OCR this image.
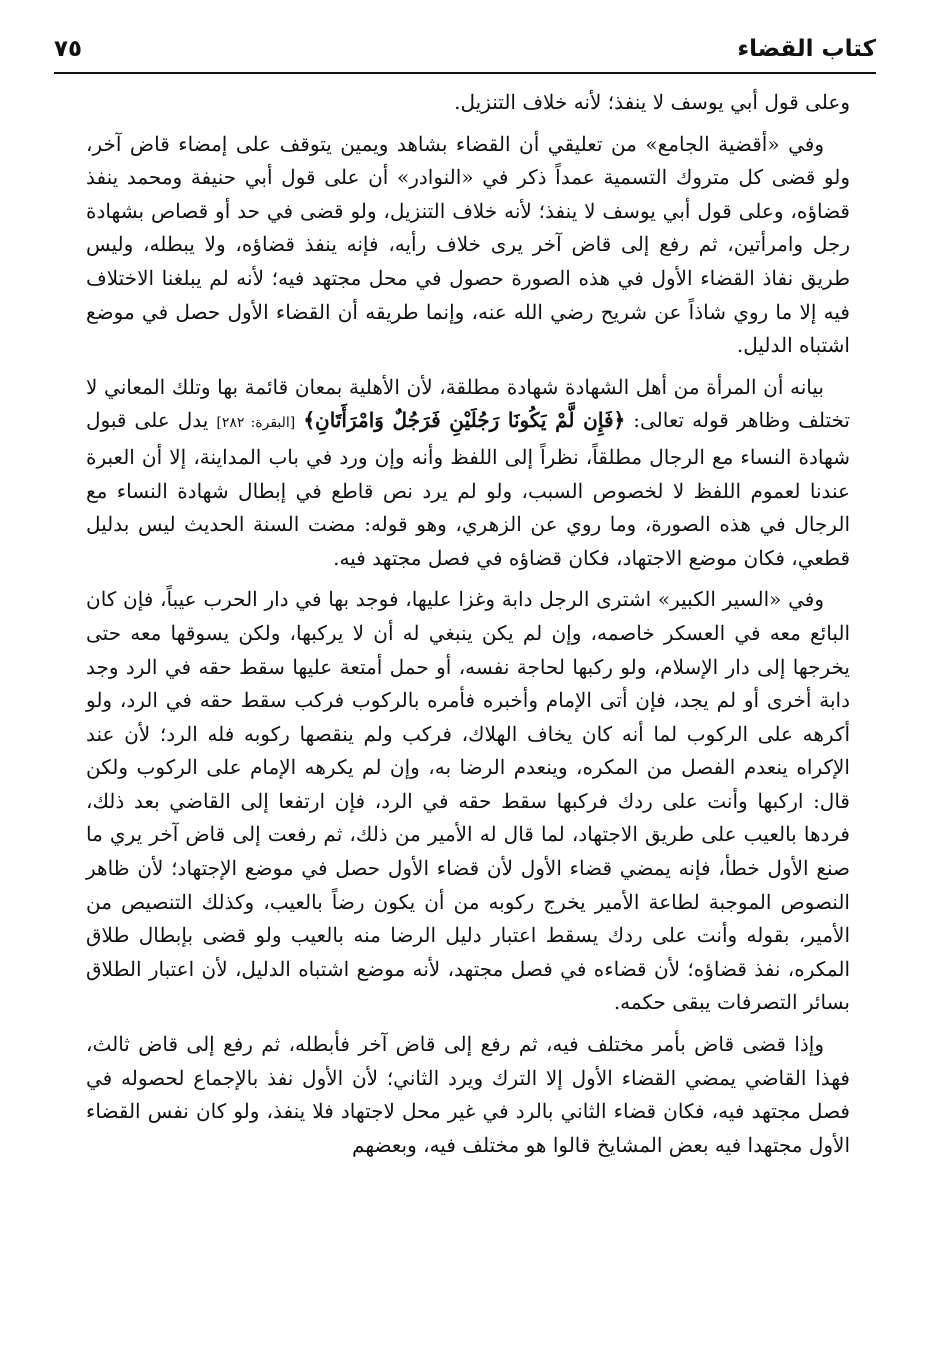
كتاب القضاء
٧٥

وعلى قول أبي يوسف لا ينفذ؛ لأنه خلاف التنزيل.

وفي «أقضية الجامع» من تعليقي أن القضاء بشاهد ويمين يتوقف على إمضاء قاض آخر، ولو قضى كل متروك التسمية عمداً ذكر في «النوادر» أن على قول أبي حنيفة ومحمد ينفذ قضاؤه، وعلى قول أبي يوسف لا ينفذ؛ لأنه خلاف التنزيل، ولو قضى في حد أو قصاص بشهادة رجل وامرأتين، ثم رفع إلى قاض آخر يرى خلاف رأيه، فإنه ينفذ قضاؤه، ولا يبطله، وليس طريق نفاذ القضاء الأول في هذه الصورة حصول في محل مجتهد فيه؛ لأنه لم يبلغنا الاختلاف فيه إلا ما روي شاذاً عن شريح رضي الله عنه، وإنما طريقه أن القضاء الأول حصل في موضع اشتباه الدليل.

بيانه أن المرأة من أهل الشهادة شهادة مطلقة، لأن الأهلية بمعان قائمة بها وتلك المعاني لا تختلف وظاهر قوله تعالى: ﴿فَإِن لَّمْ يَكُونَا رَجُلَيْنِ فَرَجُلٌ وَامْرَأَتَانِ﴾ [البقرة: ٢٨٢] يدل على قبول شهادة النساء مع الرجال مطلقاً، نظراً إلى اللفظ وأنه وإن ورد في باب المداينة، إلا أن العبرة عندنا لعموم اللفظ لا لخصوص السبب، ولو لم يرد نص قاطع في إبطال شهادة النساء مع الرجال في هذه الصورة، وما روي عن الزهري، وهو قوله: مضت السنة الحديث ليس بدليل قطعي، فكان موضع الاجتهاد، فكان قضاؤه في فصل مجتهد فيه.

وفي «السير الكبير» اشترى الرجل دابة وغزا عليها، فوجد بها في دار الحرب عيباً، فإن كان البائع معه في العسكر خاصمه، وإن لم يكن ينبغي له أن لا يركبها، ولكن يسوقها معه حتى يخرجها إلى دار الإسلام، ولو ركبها لحاجة نفسه، أو حمل أمتعة عليها سقط حقه في الرد وجد دابة أخرى أو لم يجد، فإن أتى الإمام وأخبره فأمره بالركوب فركب سقط حقه في الرد، ولو أكرهه على الركوب لما أنه كان يخاف الهلاك، فركب ولم ينقصها ركوبه فله الرد؛ لأن عند الإكراه ينعدم الفصل من المكره، وينعدم الرضا به، وإن لم يكرهه الإمام على الركوب ولكن قال: اركبها وأنت على ردك فركبها سقط حقه في الرد، فإن ارتفعا إلى القاضي بعد ذلك، فردها بالعيب على طريق الاجتهاد، لما قال له الأمير من ذلك، ثم رفعت إلى قاض آخر يري ما صنع الأول خطأ، فإنه يمضي قضاء الأول لأن قضاء الأول حصل في موضع الإجتهاد؛ لأن ظاهر النصوص الموجبة لطاعة الأمير يخرج ركوبه من أن يكون رضاً بالعيب، وكذلك التنصيص من الأمير، بقوله وأنت على ردك يسقط اعتبار دليل الرضا منه بالعيب ولو قضى بإبطال طلاق المكره، نفذ قضاؤه؛ لأن قضاءه في فصل مجتهد، لأنه موضع اشتباه الدليل، لأن اعتبار الطلاق بسائر التصرفات يبقى حكمه.

وإذا قضى قاض بأمر مختلف فيه، ثم رفع إلى قاض آخر فأبطله، ثم رفع إلى قاض ثالث، فهذا القاضي يمضي القضاء الأول إلا الترك ويرد الثاني؛ لأن الأول نفذ بالإجماع لحصوله في فصل مجتهد فيه، فكان قضاء الثاني بالرد في غير محل لاجتهاد فلا ينفذ، ولو كان نفس القضاء الأول مجتهدا فيه بعض المشايخ قالوا هو مختلف فيه، وبعضهم
